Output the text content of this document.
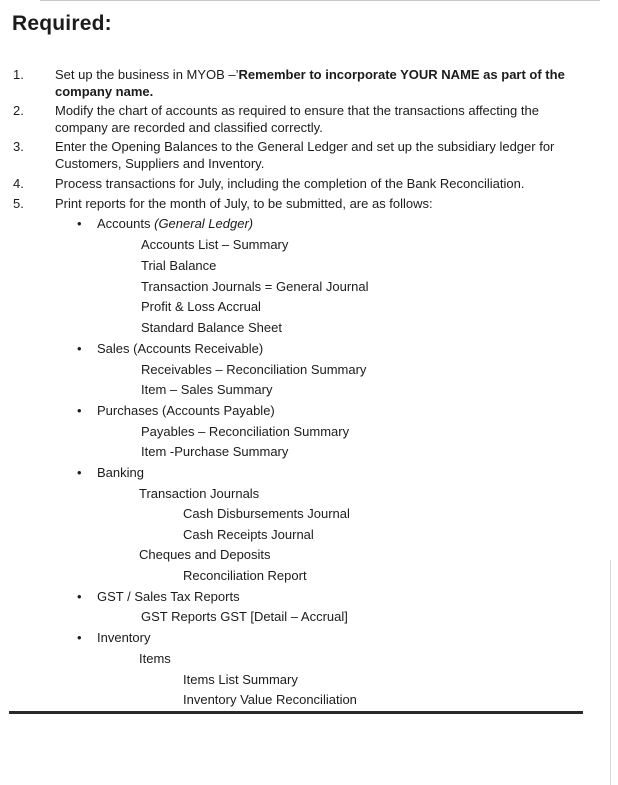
Required:
1. Set up the business in MYOB –’Remember to incorporate YOUR NAME as part of the company name.
2. Modify the chart of accounts as required to ensure that the transactions affecting the company are recorded and classified correctly.
3. Enter the Opening Balances to the General Ledger and set up the subsidiary ledger for Customers, Suppliers and Inventory.
4. Process transactions for July, including the completion of the Bank Reconciliation.
5. Print reports for the month of July, to be submitted, are as follows:
• Accounts (General Ledger)
Accounts List – Summary
Trial Balance
Transaction Journals = General Journal
Profit & Loss Accrual
Standard Balance Sheet
• Sales (Accounts Receivable)
Receivables – Reconciliation Summary
Item – Sales Summary
• Purchases (Accounts Payable)
Payables – Reconciliation Summary
Item -Purchase Summary
• Banking
Transaction Journals
Cash Disbursements Journal
Cash Receipts Journal
Cheques and Deposits
Reconciliation Report
• GST / Sales Tax Reports
GST Reports GST [Detail – Accrual]
• Inventory
Items
Items List Summary
Inventory Value Reconciliation
